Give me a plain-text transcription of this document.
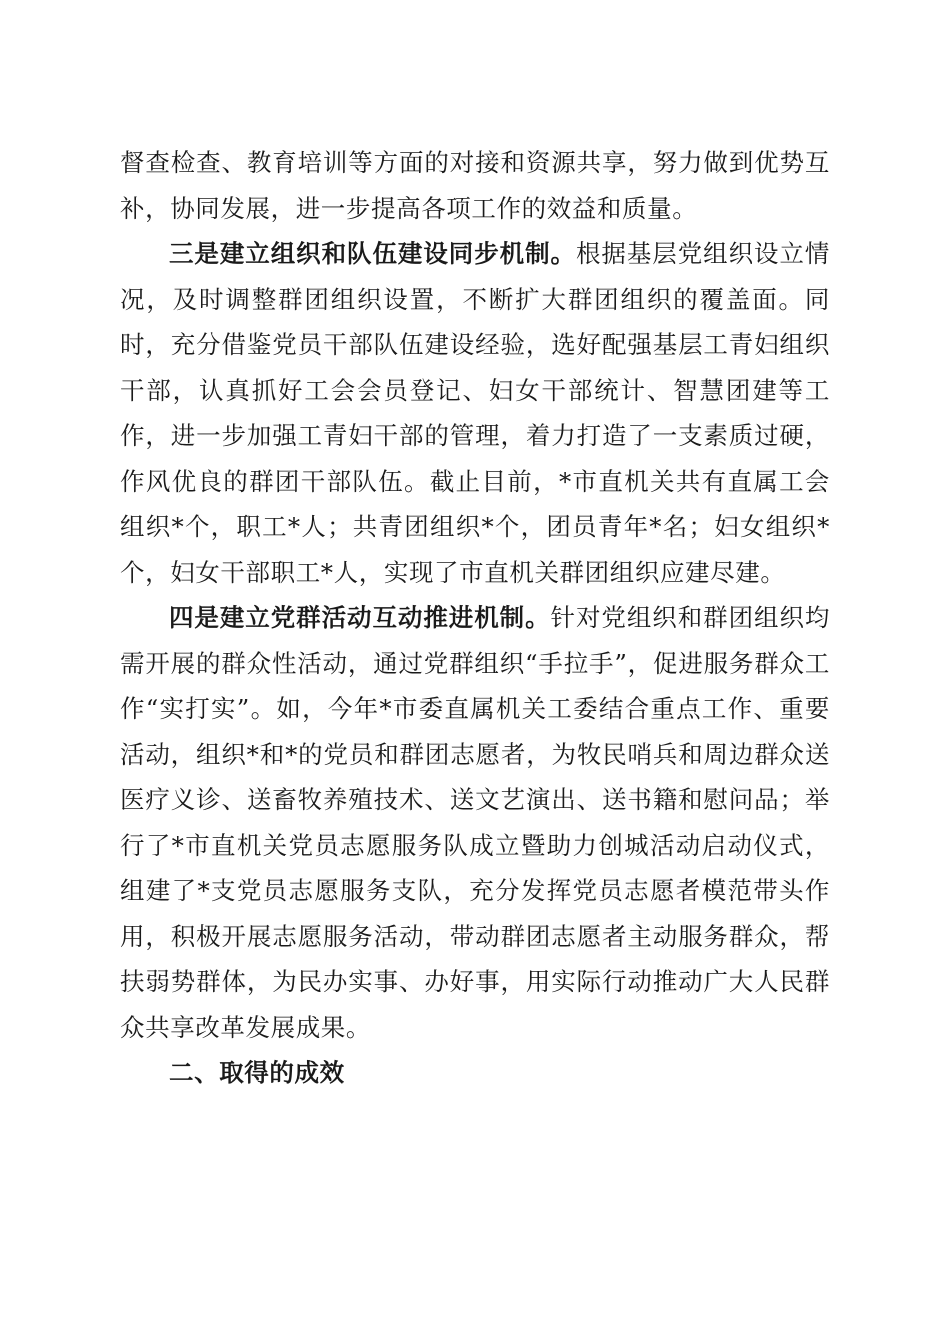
督查检查、教育培训等方面的对接和资源共享，努力做到优势互补，协同发展，进一步提高各项工作的效益和质量。

三是建立组织和队伍建设同步机制。根据基层党组织设立情况，及时调整群团组织设置，不断扩大群团组织的覆盖面。同时，充分借鉴党员干部队伍建设经验，选好配强基层工青妇组织干部，认真抓好工会会员登记、妇女干部统计、智慧团建等工作，进一步加强工青妇干部的管理，着力打造了一支素质过硬，作风优良的群团干部队伍。截止目前，*市直机关共有直属工会组织*个，职工*人；共青团组织*个，团员青年*名；妇女组织*个，妇女干部职工*人，实现了市直机关群团组织应建尽建。

四是建立党群活动互动推进机制。针对党组织和群团组织均需开展的群众性活动，通过党群组织“手拉手”，促进服务群众工作“实打实”。如，今年*市委直属机关工委结合重点工作、重要活动，组织*和*的党员和群团志愿者，为牧民哨兵和周边群众送医疗义诊、送畜牧养殖技术、送文艺演出、送书籍和慰问品；举行了*市直机关党员志愿服务队成立暨助力创城活动启动仪式，组建了*支党员志愿服务支队，充分发挥党员志愿者模范带头作用，积极开展志愿服务活动，带动群团志愿者主动服务群众，帮扶弱势群体，为民办实事、办好事，用实际行动推动广大人民群众共享改革发展成果。

二、取得的成效
